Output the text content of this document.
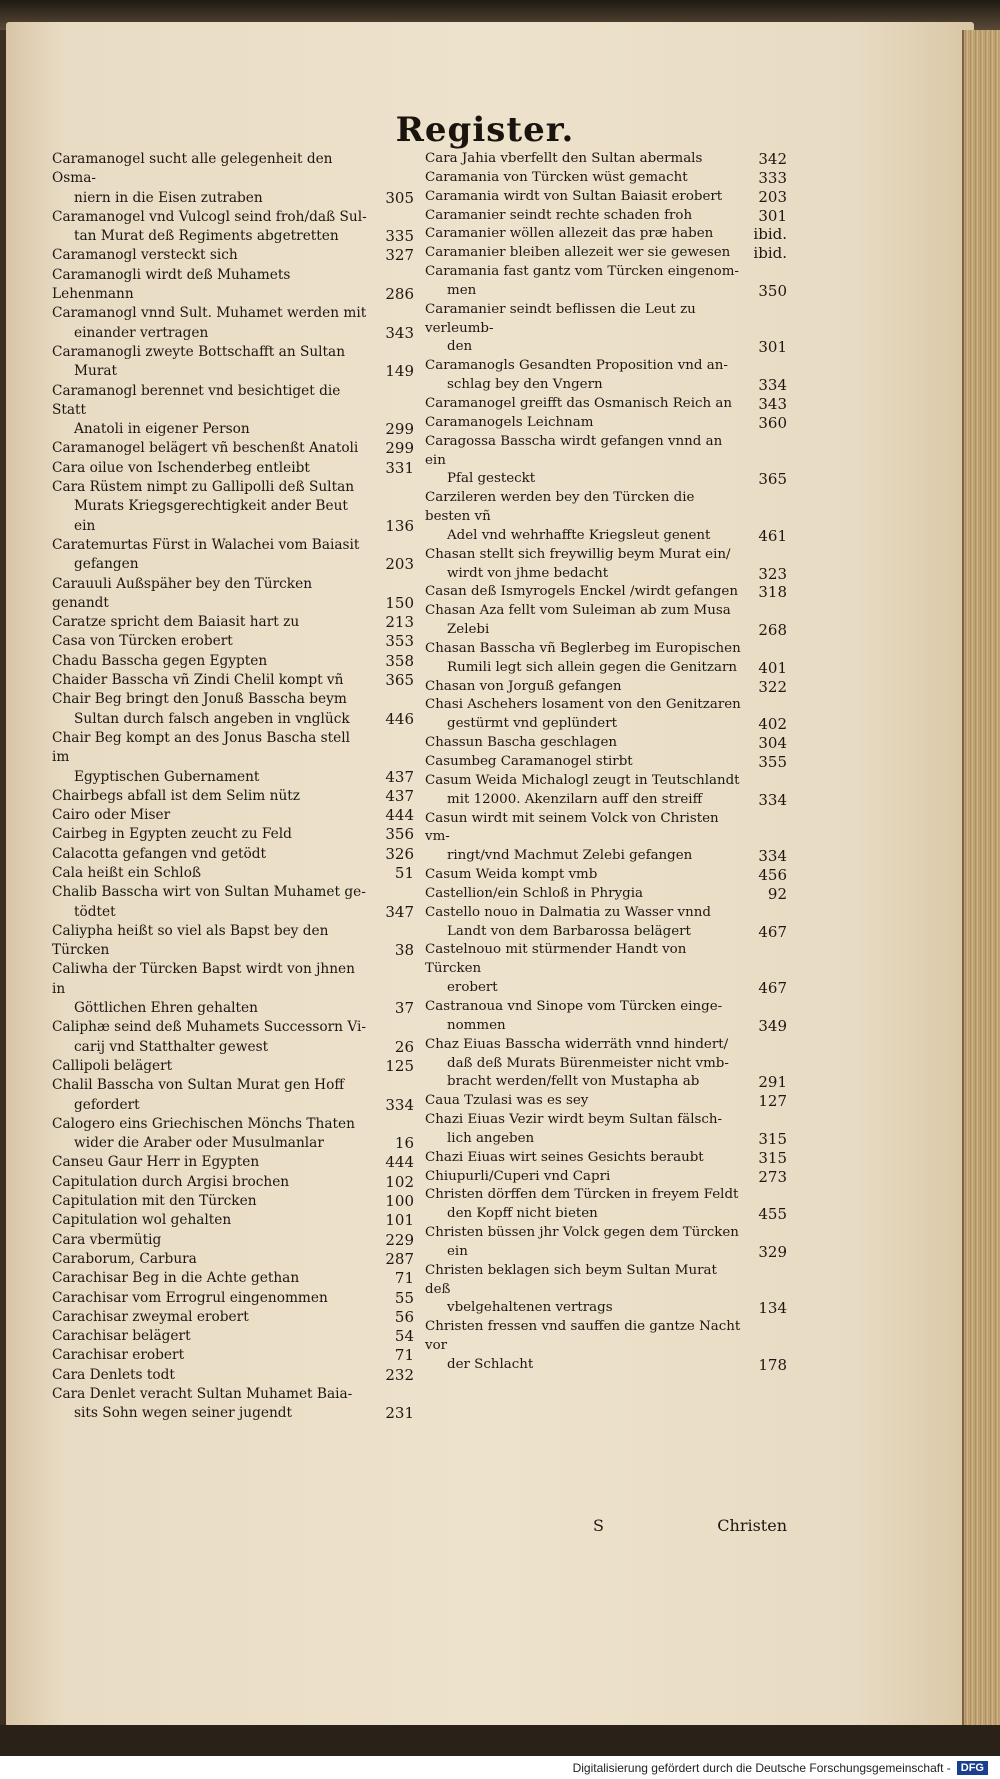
Register.
Caramanogel sucht alle gelegenheit den Osma-
niern in die Eisen zutraben	305
Caramanogel vnd Vulcogl seind froh/daß Sul-
tan Murat deß Regiments abgetretten	335
Caramanogl versteckt sich	327
Caramanogli wirdt deß Muhamets Lehenmann	286
Caramanogl vnnd Sult. Muhamet werden mit
einander vertragen	343
Caramanogli zweyte Bottschafft an Sultan
Murat	149
Caramanogl berennet vnd besichtiget die Statt
Anatoli in eigener Person	299
Caramanogel belägert vñ beschenßt Anatoli	299
Cara oilue von Ischenderbeg entleibt	331
Cara Rüstem nimpt zu Gallipolli deß Sultan
Murats Kriegsgerechtigkeit ander Beut ein	136
Caratemurtas Fürst in Walachei vom Baiasit
gefangen	203
Carauuli Außspäher bey den Türcken genandt	150
Caratze spricht dem Baiasit hart zu	213
Casa von Türcken erobert	353
Chadu Basscha gegen Egypten	358
Chaider Basscha vñ Zindi Chelil kompt vñ	365
Chair Beg bringt den Jonuß Basscha beym
Sultan durch falsch angeben in vnglück	446
Chair Beg kompt an des Jonus Bascha stell im
Egyptischen Gubernament	437
Chairbegs abfall ist dem Selim nütz	437
Cairo oder Miser	444
Cairbeg in Egypten zeucht zu Feld	356
Calacotta gefangen vnd getödt	326
Cala heißt ein Schloß	51
Chalib Basscha wirt von Sultan Muhamet ge-
tödtet	347
Caliypha heißt so viel als Bapst bey den Türcken	38
Caliwha der Türcken Bapst wirdt von jhnen in
Göttlichen Ehren gehalten	37
Caliphæ seind deß Muhamets Successorn Vi-
carij vnd Statthalter gewest	26
Callipoli belägert	125
Chalil Basscha von Sultan Murat gen Hoff
gefordert	334
Calogero eins Griechischen Mönchs Thaten
wider die Araber oder Musulmanlar	16
Canseu Gaur Herr in Egypten	444
Capitulation durch Argisi brochen	102
Capitulation mit den Türcken	100
Capitulation wol gehalten	101
Cara vbermütig	229
Caraborum, Carbura	287
Carachisar Beg in die Achte gethan	71
Carachisar vom Errogrul eingenommen	55
Carachisar zweymal erobert	56
Carachisar belägert	54
Carachisar erobert	71
Cara Denlets todt	232
Cara Denlet veracht Sultan Muhamet Baia-
sits Sohn wegen seiner jugendt	231
Cara Jahia vberfellt den Sultan abermals	342
Caramania von Türcken wüst gemacht	333
Caramania wirdt von Sultan Baiasit erobert	203
Caramanier seindt rechte schaden froh	301
Caramanier wöllen allezeit das præ haben	ibid.
Caramanier bleiben allezeit wer sie gewesen	ibid.
Caramania fast gantz vom Türcken eingenom-
men	350
Caramanier seindt beflissen die Leut zu verleumb-
den	301
Caramanogls Gesandten Proposition vnd an-
schlag bey den Vngern	334
Caramanogel greifft das Osmanisch Reich an	343
Caramanogels Leichnam	360
Caragossa Basscha wirdt gefangen vnnd an ein
Pfal gesteckt	365
Carzileren werden bey den Türcken die besten vñ
Adel vnd wehrhaffte Kriegsleut genent	461
Chasan stellt sich freywillig beym Murat ein/
wirdt von jhme bedacht	323
Casan deß Ismyrogels Enckel /wirdt gefangen	318
Chasan Aza fellt vom Suleiman ab zum Musa
Zelebi	268
Chasan Basscha vñ Beglerbeg im Europischen
Rumili legt sich allein gegen die Genitzarn	401
Chasan von Jorguß gefangen	322
Chasi Aschehers losament von den Genitzaren
gestürmt vnd geplündert	402
Chassun Bascha geschlagen	304
Casumbeg Caramanogel stirbt	355
Casum Weida Michalogl zeugt in Teutschlandt
mit 12000. Akenzilarn auff den streiff	334
Casun wirdt mit seinem Volck von Christen vm-
ringt/vnd Machmut Zelebi gefangen	334
Casum Weida kompt vmb	456
Castellion/ein Schloß in Phrygia	92
Castello nouo in Dalmatia zu Wasser vnnd
Landt von dem Barbarossa belägert	467
Castelnouo mit stürmender Handt von Türcken
erobert	467
Castranoua vnd Sinope vom Türcken einge-
nommen	349
Chaz Eiuas Basscha widerräth vnnd hindert/
daß deß Murats Bürenmeister nicht vmb-
bracht werden/fellt von Mustapha ab	291
Caua Tzulasi was es sey	127
Chazi Eiuas Vezir wirdt beym Sultan fälsch-
lich angeben	315
Chazi Eiuas wirt seines Gesichts beraubt	315
Chiupurli/Cuperi vnd Capri	273
Christen dörffen dem Türcken in freyem Feldt
den Kopff nicht bieten	455
Christen büssen jhr Volck gegen dem Türcken
ein	329
Christen beklagen sich beym Sultan Murat deß
vbelgehaltenen vertrags	134
Christen fressen vnd sauffen die gantze Nacht vor
der Schlacht	178
S	Christen
Digitalisierung gefördert durch die Deutsche Forschungsgemeinschaft - DFG
